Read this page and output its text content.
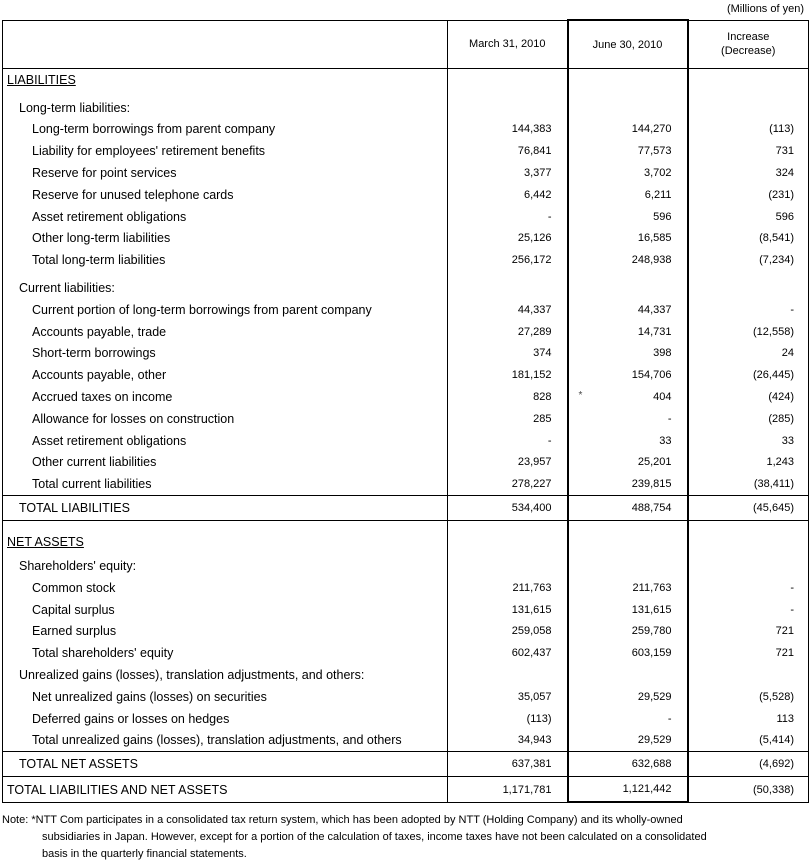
(Millions of yen)
	March 31, 2010	June 30, 2010	Increase
(Decrease)

LIABILITIES			

Long-term liabilities:			
Long-term borrowings from parent company	144,383	144,270	(113)
Liability for employees' retirement benefits	76,841	77,573	731
Reserve for point services	3,377	3,702	324
Reserve for unused telephone cards	6,442	6,211	(231)
Asset retirement obligations	-	596	596
Other long-term liabilities	25,126	16,585	(8,541)
Total long-term liabilities	256,172	248,938	(7,234)

Current liabilities:			
Current portion of long-term borrowings from parent company	44,337	44,337	-
Accounts payable, trade	27,289	14,731	(12,558)
Short-term borrowings	374	398	24
Accounts payable, other	181,152	154,706	(26,445)
Accrued taxes on income	828	* 404	(424)
Allowance for losses on construction	285	-	(285)
Asset retirement obligations	-	33	33
Other current liabilities	23,957	25,201	1,243
Total current liabilities	278,227	239,815	(38,411)
TOTAL LIABILITIES	534,400	488,754	(45,645)
NET ASSETS			

Shareholders' equity:			
Common stock	211,763	211,763	-
Capital surplus	131,615	131,615	-
Earned surplus	259,058	259,780	721
Total shareholders' equity	602,437	603,159	721
Unrealized gains (losses), translation adjustments, and others:			
Net unrealized gains (losses) on securities	35,057	29,529	(5,528)
Deferred gains or losses on hedges	(113)	-	113
Total unrealized gains (losses), translation adjustments, and others	34,943	29,529	(5,414)
TOTAL NET ASSETS	637,381	632,688	(4,692)
TOTAL LIABILITIES AND NET ASSETS	1,171,781	1,121,442	(50,338)
Note: *NTT Com participates in a consolidated tax return system, which has been adopted by NTT (Holding Company) and its wholly-owned
subsidiaries in Japan. However, except for a portion of the calculation of taxes, income taxes have not been calculated on a consolidated
basis in the quarterly financial statements.
